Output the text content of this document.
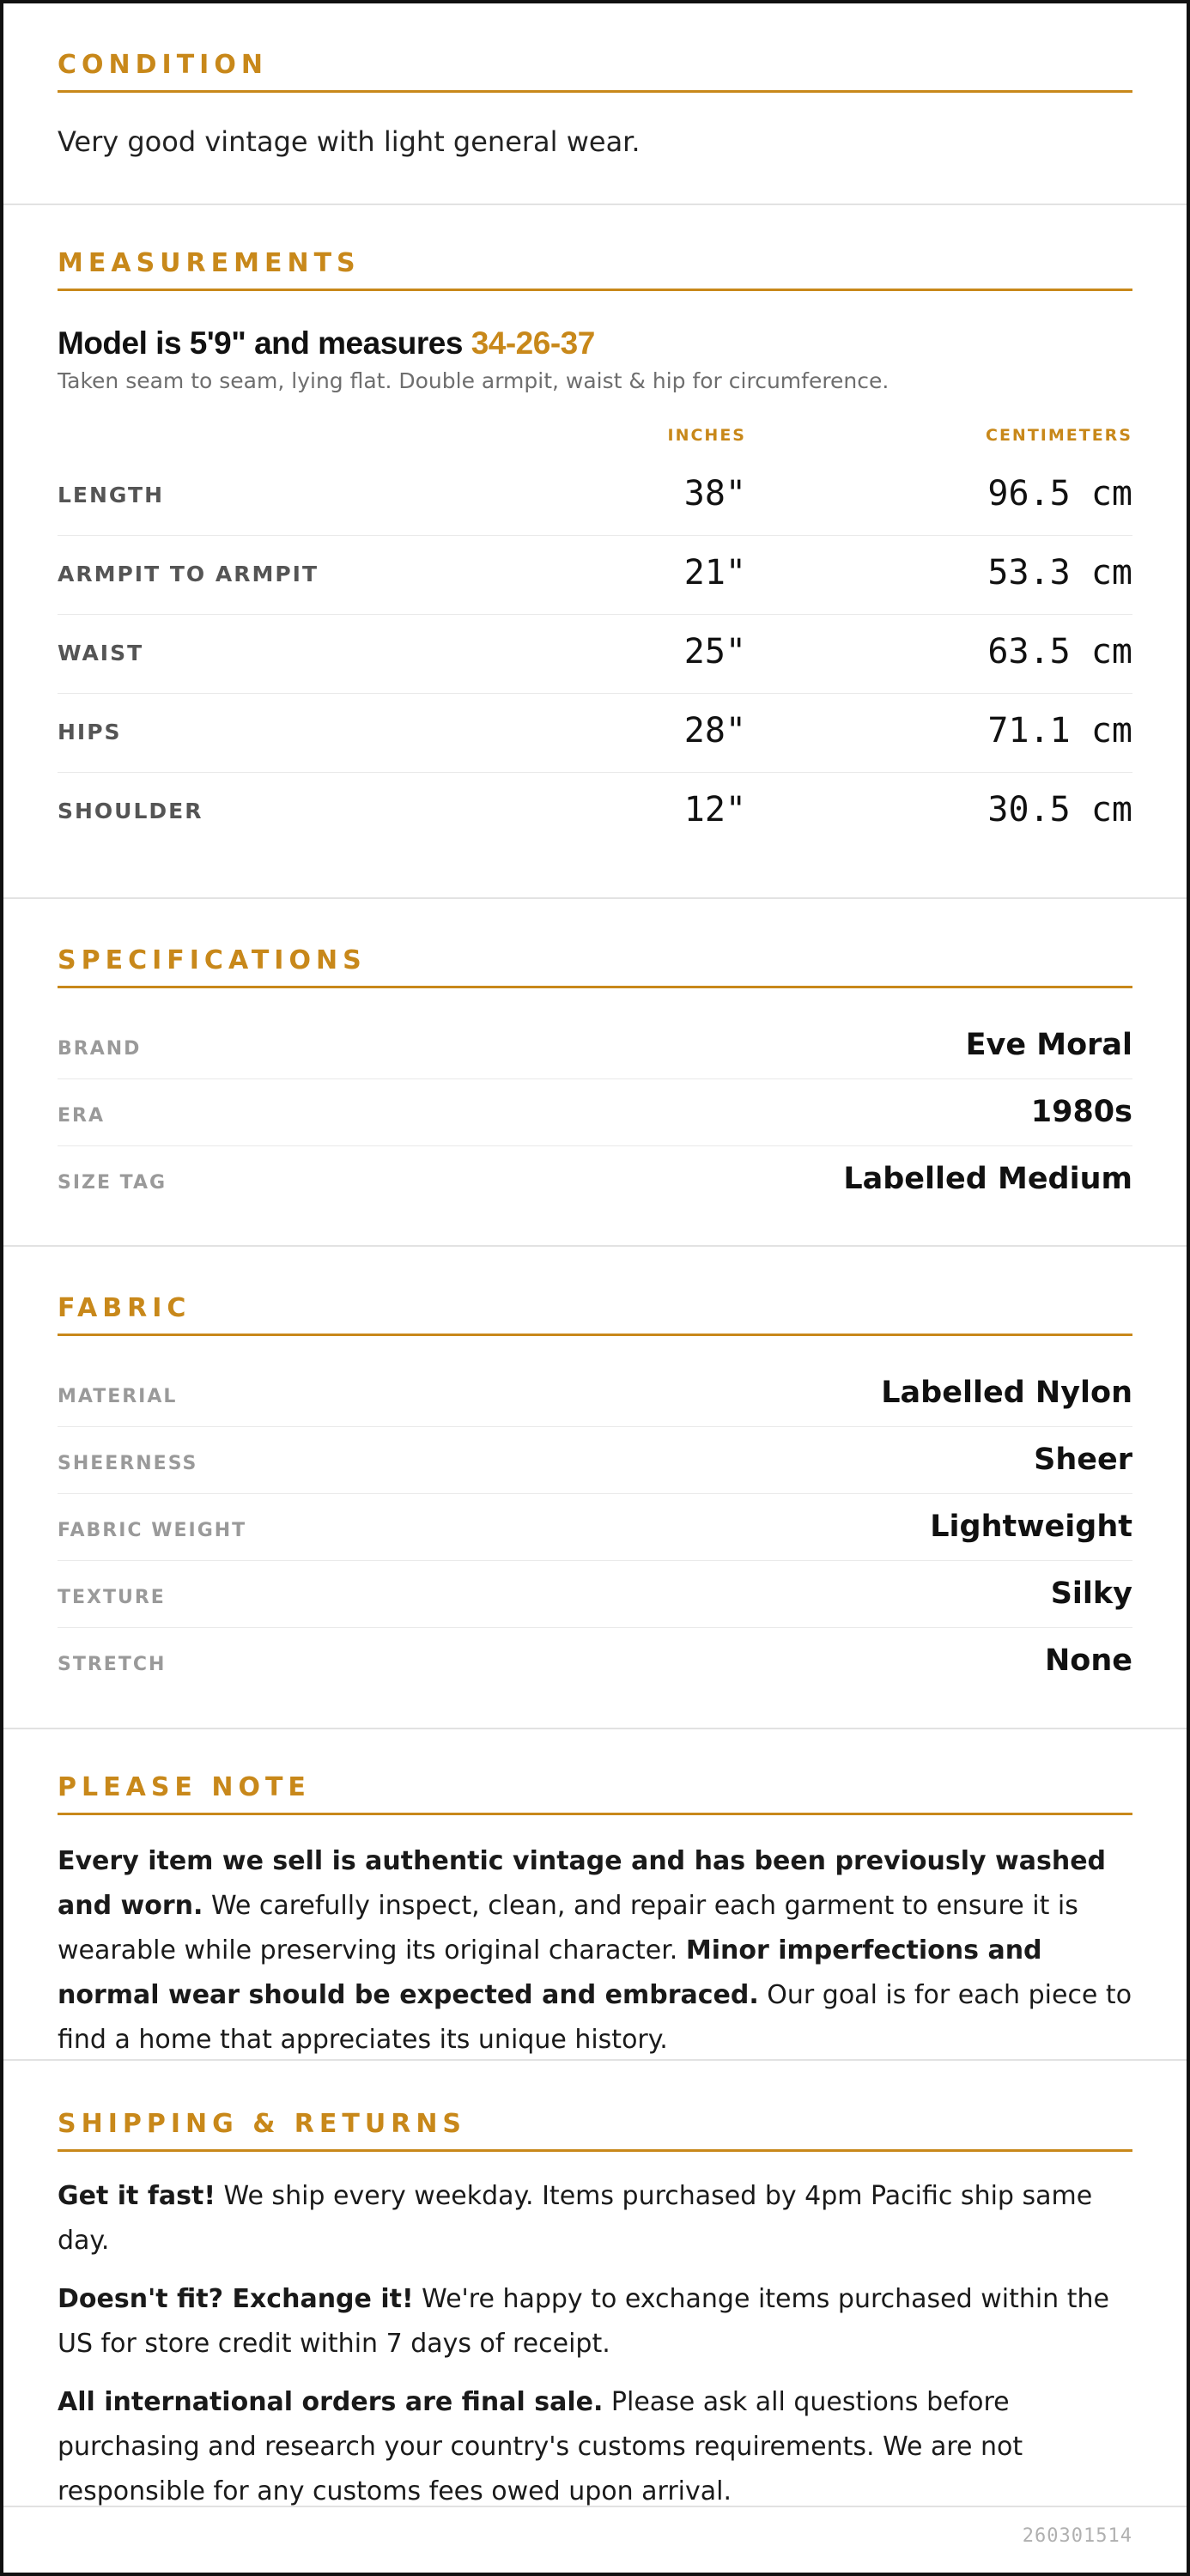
CONDITION
Very good vintage with light general wear.
MEASUREMENTS
Model is 5'9" and measures 34-26-37
Taken seam to seam, lying flat. Double armpit, waist & hip for circumference.
INCHES	CENTIMETERS
LENGTH	38"	96.5 cm
ARMPIT TO ARMPIT	21"	53.3 cm
WAIST	25"	63.5 cm
HIPS	28"	71.1 cm
SHOULDER	12"	30.5 cm
SPECIFICATIONS
BRAND	Eve Moral
ERA	1980s
SIZE TAG	Labelled Medium
FABRIC
MATERIAL	Labelled Nylon
SHEERNESS	Sheer
FABRIC WEIGHT	Lightweight
TEXTURE	Silky
STRETCH	None
PLEASE NOTE

Every item we sell is authentic vintage and has been previously washed and worn. We carefully inspect, clean, and repair each garment to ensure it is wearable while preserving its original character. Minor imperfections and normal wear should be expected and embraced. Our goal is for each piece to find a home that appreciates its unique history.

SHIPPING & RETURNS

Get it fast! We ship every weekday. Items purchased by 4pm Pacific ship same day.

Doesn't fit? Exchange it! We're happy to exchange items purchased within the US for store credit within 7 days of receipt.

All international orders are final sale. Please ask all questions before purchasing and research your country's customs requirements. We are not responsible for any customs fees owed upon arrival.

260301514
